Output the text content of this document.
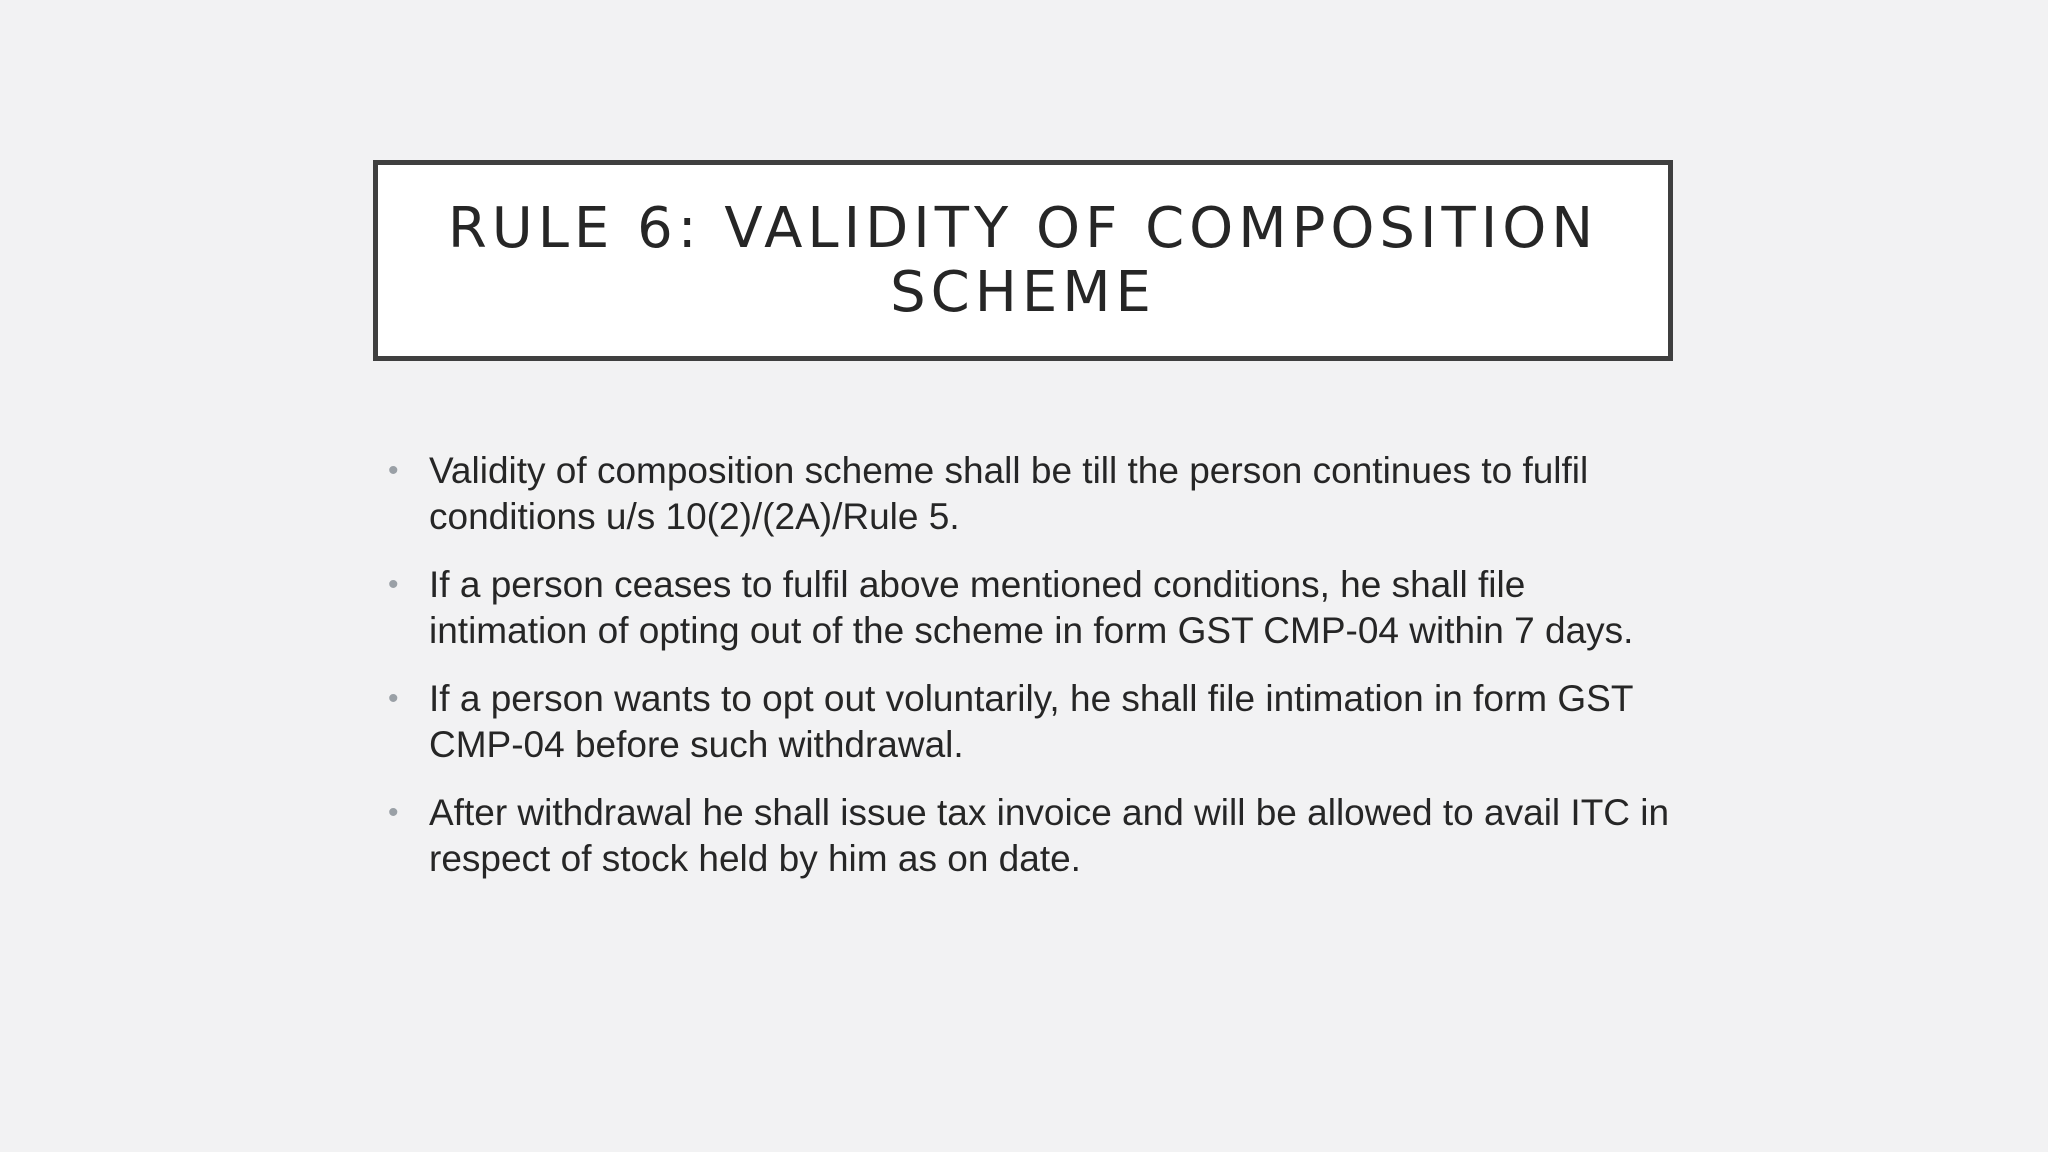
RULE 6: VALIDITY OF COMPOSITION SCHEME
• Validity of composition scheme shall be till the person continues to fulfil conditions u/s 10(2)/(2A)/Rule 5.
• If a person ceases to fulfil above mentioned conditions, he shall file intimation of opting out of the scheme in form GST CMP-04 within 7 days.
• If a person wants to opt out voluntarily, he shall file intimation in form GST CMP-04 before such withdrawal.
• After withdrawal he shall issue tax invoice and will be allowed to avail ITC in respect of stock held by him as on date.
